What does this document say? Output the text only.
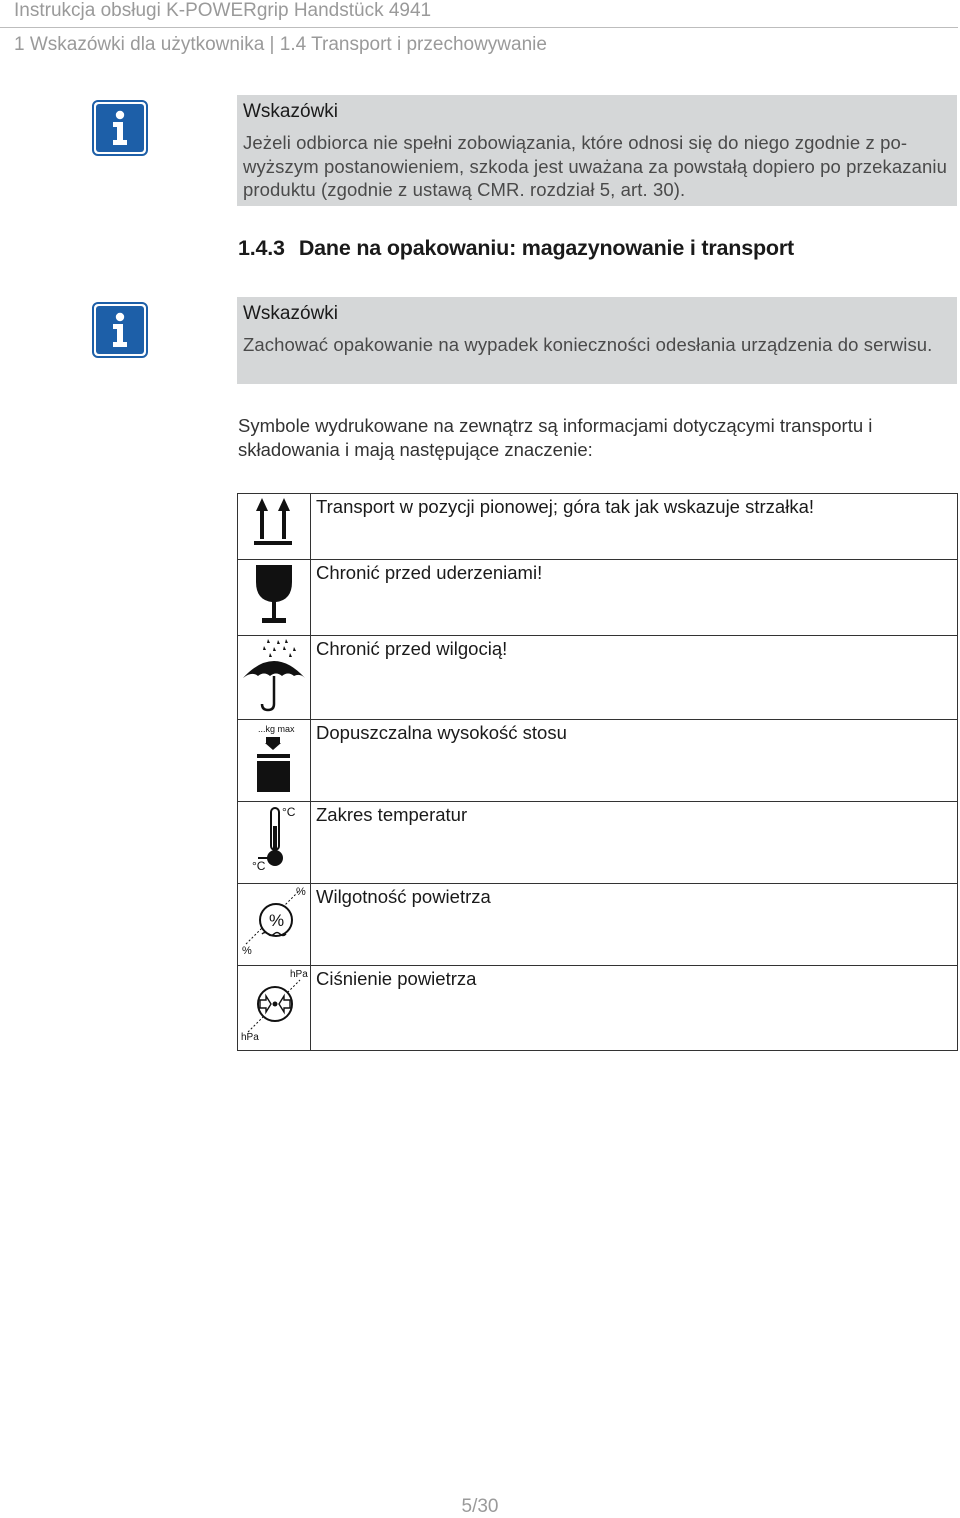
Instrukcja obsługi K-POWERgrip Handstück 4941
1 Wskazówki dla użytkownika | 1.4 Transport i przechowywanie
Wskazówki
Jeżeli odbiorca nie spełni zobowiązania, które odnosi się do niego zgodnie z powyższym postanowieniem, szkoda jest uważana za powstałą dopiero po przekazaniu produktu (zgodnie z ustawą CMR. rozdział 5, art. 30).
1.4.3 Dane na opakowaniu: magazynowanie i transport
Wskazówki
Zachować opakowanie na wypadek konieczności odesłania urządzenia do serwisu.
Symbole wydrukowane na zewnątrz są informacjami dotyczącymi transportu i składowania i mają następujące znaczenie:
	Transport w pozycji pionowej; góra tak jak wskazuje strzałka!
	Chronić przed uderzeniami!
	Chronić przed wilgocią!

...kg max	Dopuszczalna wysokość stosu

°C
°C	Zakres temperatur

%
%
%	Wilgotność powietrza

hPa
hPa	Ciśnienie powietrza
5/30
